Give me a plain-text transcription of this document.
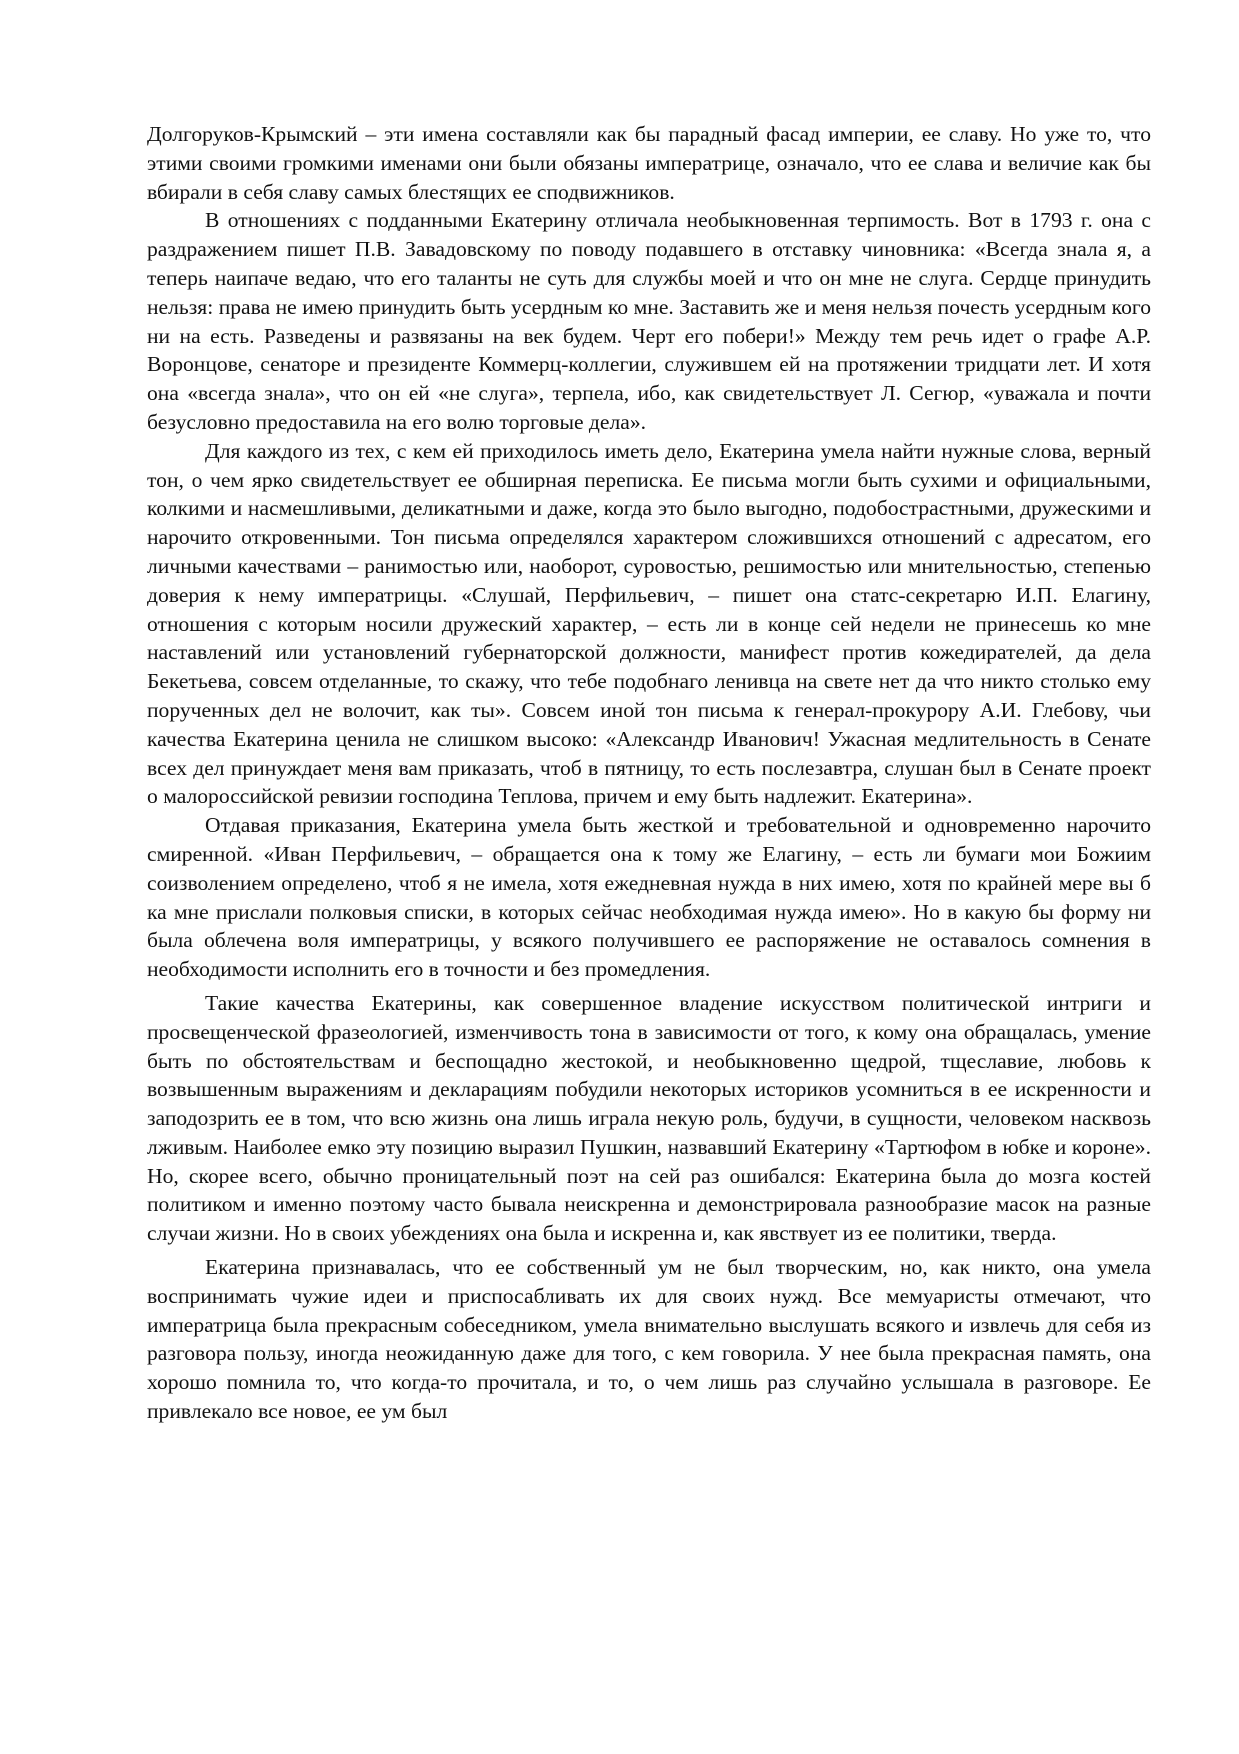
Долгоруков-Крымский – эти имена составляли как бы парадный фасад империи, ее славу. Но уже то, что этими своими громкими именами они были обязаны императрице, означало, что ее слава и величие как бы вбирали в себя славу самых блестящих ее сподвижников.

В отношениях с подданными Екатерину отличала необыкновенная терпимость. Вот в 1793 г. она с раздражением пишет П.В. Завадовскому по поводу подавшего в отставку чиновника: «Всегда знала я, а теперь наипаче ведаю, что его таланты не суть для службы моей и что он мне не слуга. Сердце принудить нельзя: права не имею принудить быть усердным ко мне. Заставить же и меня нельзя почесть усердным кого ни на есть. Разведены и развязаны на век будем. Черт его побери!» Между тем речь идет о графе А.Р. Воронцове, сенаторе и президенте Коммерц-коллегии, служившем ей на протяжении тридцати лет. И хотя она «всегда знала», что он ей «не слуга», терпела, ибо, как свидетельствует Л. Сегюр, «уважала и почти безусловно предоставила на его волю торговые дела».

Для каждого из тех, с кем ей приходилось иметь дело, Екатерина умела найти нужные слова, верный тон, о чем ярко свидетельствует ее обширная переписка. Ее письма могли быть сухими и официальными, колкими и насмешливыми, деликатными и даже, когда это было выгодно, подобострастными, дружескими и нарочито откровенными. Тон письма определялся характером сложившихся отношений с адресатом, его личными качествами – ранимостью или, наоборот, суровостью, решимостью или мнительностью, степенью доверия к нему императрицы. «Слушай, Перфильевич, – пишет она статс-секретарю И.П. Елагину, отношения с которым носили дружеский характер, – есть ли в конце сей недели не принесешь ко мне наставлений или установлений губернаторской должности, манифест против кожедирателей, да дела Бекетьева, совсем отделанные, то скажу, что тебе подобнаго ленивца на свете нет да что никто столько ему порученных дел не волочит, как ты». Совсем иной тон письма к генерал-прокурору А.И. Глебову, чьи качества Екатерина ценила не слишком высоко: «Александр Иванович! Ужасная медлительность в Сенате всех дел принуждает меня вам приказать, чтоб в пятницу, то есть послезавтра, слушан был в Сенате проект о малороссийской ревизии господина Теплова, причем и ему быть надлежит. Екатерина».

Отдавая приказания, Екатерина умела быть жесткой и требовательной и одновременно нарочито смиренной. «Иван Перфильевич, – обращается она к тому же Елагину, – есть ли бумаги мои Божиим соизволением определено, чтоб я не имела, хотя ежедневная нужда в них имею, хотя по крайней мере вы б ка мне прислали полковыя списки, в которых сейчас необходимая нужда имею». Но в какую бы форму ни была облечена воля императрицы, у всякого получившего ее распоряжение не оставалось сомнения в необходимости исполнить его в точности и без промедления.

Такие качества Екатерины, как совершенное владение искусством политической интриги и просвещенческой фразеологией, изменчивость тона в зависимости от того, к кому она обращалась, умение быть по обстоятельствам и беспощадно жестокой, и необыкновенно щедрой, тщеславие, любовь к возвышенным выражениям и декларациям побудили некоторых историков усомниться в ее искренности и заподозрить ее в том, что всю жизнь она лишь играла некую роль, будучи, в сущности, человеком насквозь лживым. Наиболее емко эту позицию выразил Пушкин, назвавший Екатерину «Тартюфом в юбке и короне». Но, скорее всего, обычно проницательный поэт на сей раз ошибался: Екатерина была до мозга костей политиком и именно поэтому часто бывала неискренна и демонстрировала разнообразие масок на разные случаи жизни. Но в своих убеждениях она была и искренна и, как явствует из ее политики, тверда.

Екатерина признавалась, что ее собственный ум не был творческим, но, как никто, она умела воспринимать чужие идеи и приспосабливать их для своих нужд. Все мемуаристы отмечают, что императрица была прекрасным собеседником, умела внимательно выслушать всякого и извлечь для себя из разговора пользу, иногда неожиданную даже для того, с кем говорила. У нее была прекрасная память, она хорошо помнила то, что когда-то прочитала, и то, о чем лишь раз случайно услышала в разговоре. Ее привлекало все новое, ее ум был
